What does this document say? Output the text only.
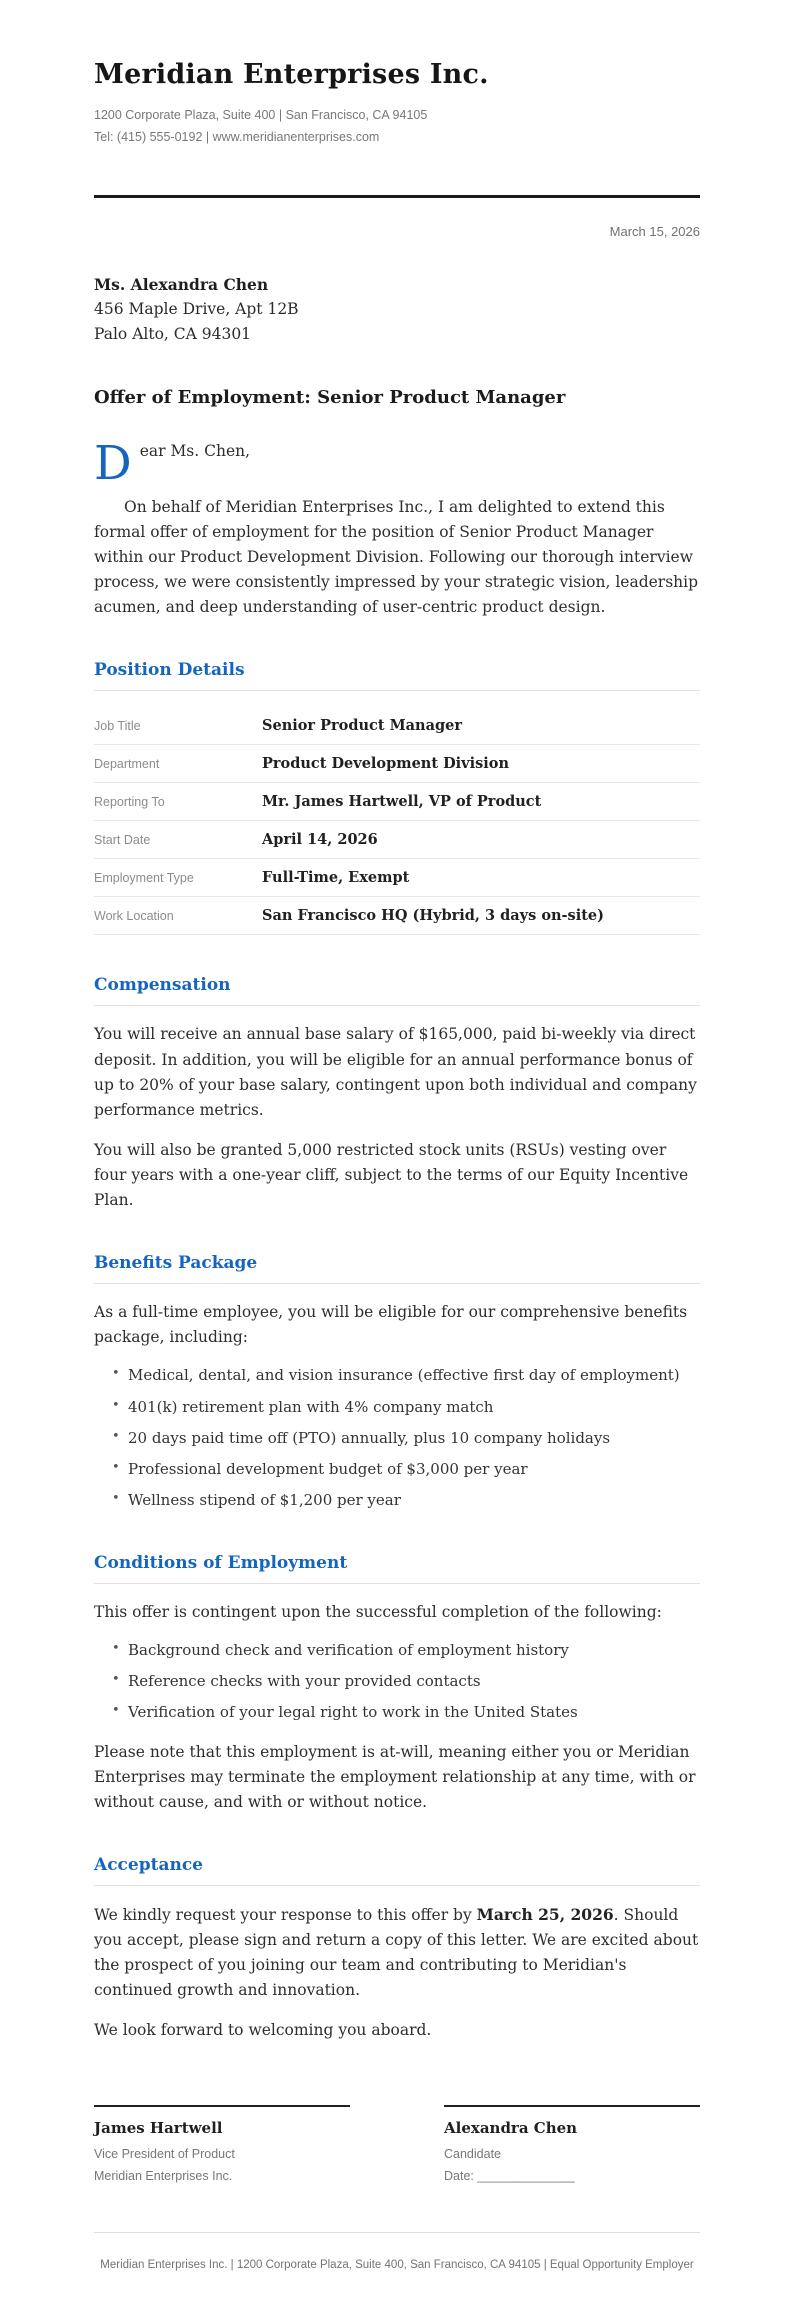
Meridian Enterprises Inc.
1200 Corporate Plaza, Suite 400 | San Francisco, CA 94105
Tel: (415) 555-0192 | www.meridianenterprises.com
March 15, 2026
Ms. Alexandra Chen
456 Maple Drive, Apt 12B
Palo Alto, CA 94301
Offer of Employment: Senior Product Manager
Dear Ms. Chen,

On behalf of Meridian Enterprises Inc., I am delighted to extend this formal offer of employment for the position of Senior Product Manager within our Product Development Division. Following our thorough interview process, we were consistently impressed by your strategic vision, leadership acumen, and deep understanding of user-centric product design.

Position Details
Job Title	Senior Product Manager
Department	Product Development Division
Reporting To	Mr. James Hartwell, VP of Product
Start Date	April 14, 2026
Employment Type	Full-Time, Exempt
Work Location	San Francisco HQ (Hybrid, 3 days on-site)
Compensation

You will receive an annual base salary of $165,000, paid bi-weekly via direct deposit. In addition, you will be eligible for an annual performance bonus of up to 20% of your base salary, contingent upon both individual and company performance metrics.

You will also be granted 5,000 restricted stock units (RSUs) vesting over four years with a one-year cliff, subject to the terms of our Equity Incentive Plan.

Benefits Package

As a full-time employee, you will be eligible for our comprehensive benefits package, including:

• Medical, dental, and vision insurance (effective first day of employment)
• 401(k) retirement plan with 4% company match
• 20 days paid time off (PTO) annually, plus 10 company holidays
• Professional development budget of $3,000 per year
• Wellness stipend of $1,200 per year
Conditions of Employment

This offer is contingent upon the successful completion of the following:

• Background check and verification of employment history
• Reference checks with your provided contacts
• Verification of your legal right to work in the United States

Please note that this employment is at-will, meaning either you or Meridian Enterprises may terminate the employment relationship at any time, with or without cause, and with or without notice.

Acceptance

We kindly request your response to this offer by March 25, 2026. Should you accept, please sign and return a copy of this letter. We are excited about the prospect of you joining our team and contributing to Meridian's continued growth and innovation.

We look forward to welcoming you aboard.

James Hartwell
Vice President of Product
Meridian Enterprises Inc.
Alexandra Chen
Candidate
Date: ______________
Meridian Enterprises Inc. | 1200 Corporate Plaza, Suite 400, San Francisco, CA 94105 | Equal Opportunity Employer
